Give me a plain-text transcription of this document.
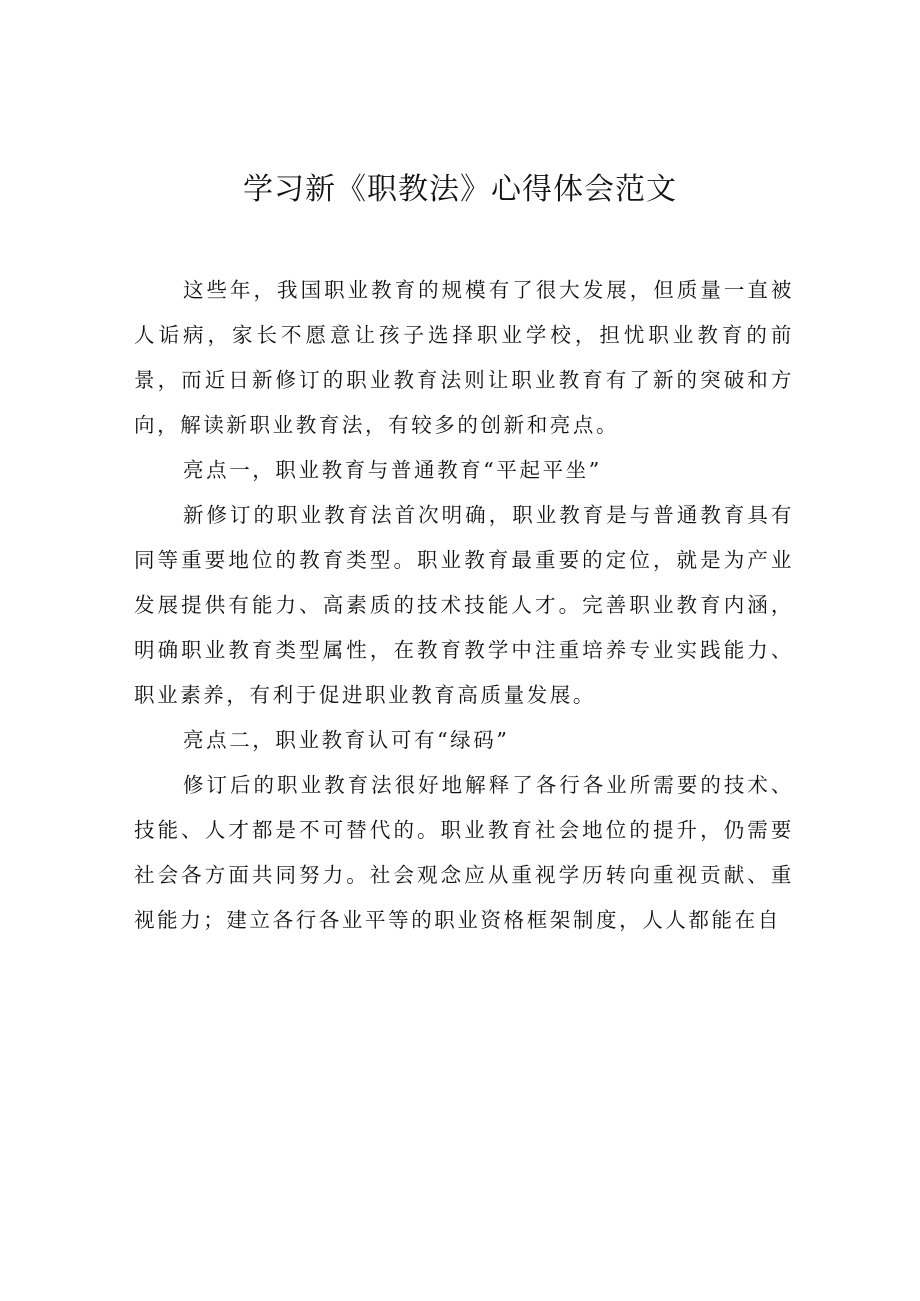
学习新《职教法》心得体会范文

这些年，我国职业教育的规模有了很大发展，但质量一直被人诟病，家长不愿意让孩子选择职业学校，担忧职业教育的前景，而近日新修订的职业教育法则让职业教育有了新的突破和方向，解读新职业教育法，有较多的创新和亮点。

亮点一，职业教育与普通教育“平起平坐”

新修订的职业教育法首次明确，职业教育是与普通教育具有同等重要地位的教育类型。职业教育最重要的定位，就是为产业发展提供有能力、高素质的技术技能人才。完善职业教育内涵，明确职业教育类型属性，在教育教学中注重培养专业实践能力、职业素养，有利于促进职业教育高质量发展。

亮点二，职业教育认可有“绿码”

修订后的职业教育法很好地解释了各行各业所需要的技术、技能、人才都是不可替代的。职业教育社会地位的提升，仍需要社会各方面共同努力。社会观念应从重视学历转向重视贡献、重视能力；建立各行各业平等的职业资格框架制度，人人都能在自
